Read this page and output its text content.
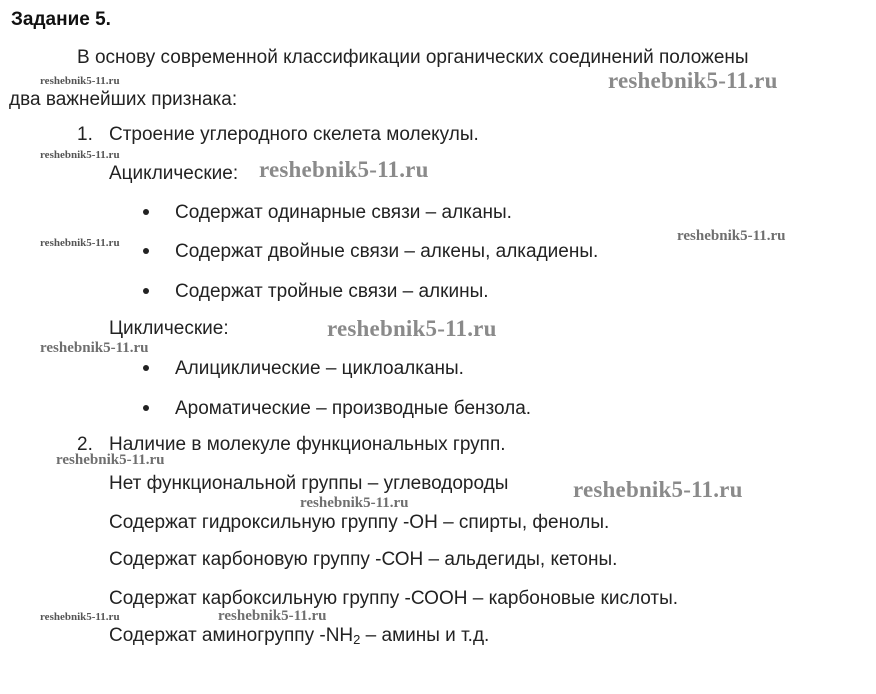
Задание 5.
В основу современной классификации органических соединений положены
два важнейших признака:
1. Строение углеродного скелета молекулы.
Ациклические:
Содержат одинарные связи – алканы.
Содержат двойные связи – алкены, алкадиены.
Содержат тройные связи – алкины.
Циклические:
Алициклические – циклоалканы.
Ароматические – производные бензола.
2. Наличие в молекуле функциональных групп.
Нет функциональной группы – углеводороды
Содержат гидроксильную группу -ОН – спирты, фенолы.
Содержат карбоновую группу -СОН – альдегиды, кетоны.
Содержат карбоксильную группу -СООН – карбоновые кислоты.
Содержат аминогруппу $-NH_2$ – амины и т.д.
reshebnik5-11.ru	reshebnik5-11.ru
reshebnik5-11.ru
reshebnik5-11.ru
reshebnik5-11.ru	reshebnik5-11.ru
reshebnik5-11.ru
reshebnik5-11.ru
reshebnik5-11.ru
reshebnik5-11.ru
reshebnik5-11.ru
reshebnik5-11.ru	reshebnik5-11.ru
